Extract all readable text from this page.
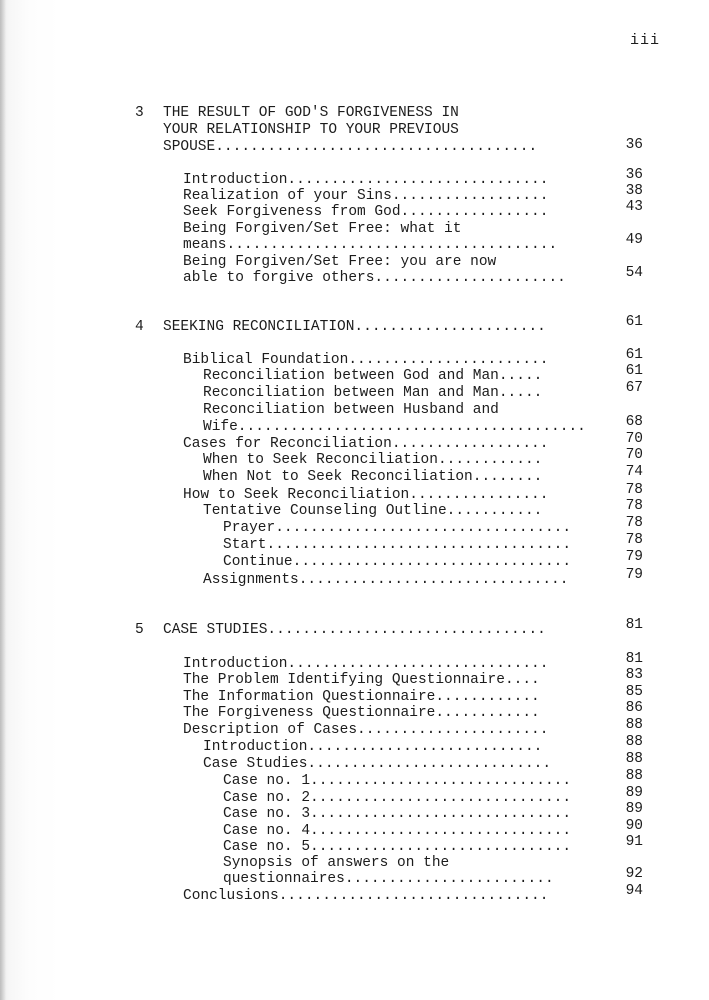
iii
3 THE RESULT OF GOD'S FORGIVENESS IN
YOUR RELATIONSHIP TO YOUR PREVIOUS
SPOUSE.....................................	36
Introduction..............................	36
Realization of your Sins..................	38
Seek Forgiveness from God.................	43
Being Forgiven/Set Free: what it
means......................................	49
Being Forgiven/Set Free: you are now
able to forgive others......................	54
4 SEEKING RECONCILIATION......................	61
Biblical Foundation.......................	61
Reconciliation between God and Man.....	61
Reconciliation between Man and Man.....	67
Reconciliation between Husband and
Wife........................................	68
Cases for Reconciliation..................	70
When to Seek Reconciliation............	70
When Not to Seek Reconciliation........	74
How to Seek Reconciliation................	78
Tentative Counseling Outline...........	78
Prayer..................................	78
Start...................................	78
Continue................................	79
Assignments...............................	79
5 CASE STUDIES................................	81
Introduction..............................	81
The Problem Identifying Questionnaire....	83
The Information Questionnaire............	85
The Forgiveness Questionnaire............	86
Description of Cases......................	88
Introduction...........................	88
Case Studies............................	88
Case no. 1..............................	88
Case no. 2..............................	89
Case no. 3..............................	89
Case no. 4..............................	90
Case no. 5..............................	91
Synopsis of answers on the
questionnaires........................	92
Conclusions...............................	94
